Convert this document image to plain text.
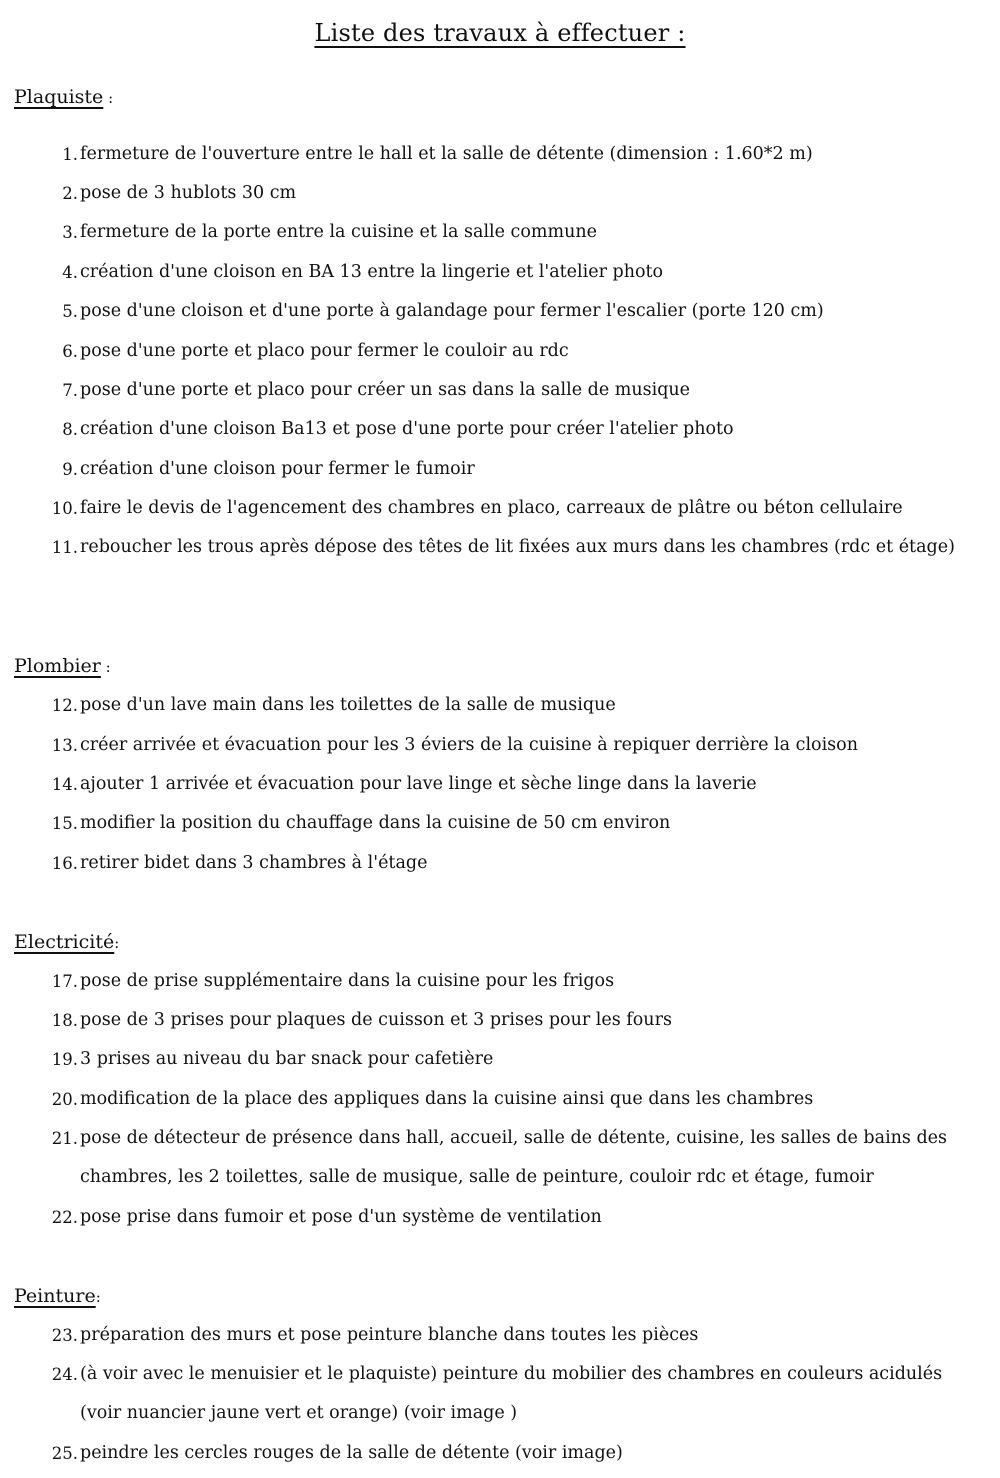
Liste des travaux à effectuer :
Plaquiste :
1. fermeture de l'ouverture entre le hall et la salle de détente (dimension : 1.60*2 m)
2. pose de 3 hublots 30 cm
3. fermeture de la porte entre la cuisine et la salle commune
4. création d'une cloison en BA 13 entre la lingerie et l'atelier photo
5. pose d'une cloison et d'une porte à galandage pour fermer l'escalier (porte 120 cm)
6. pose d'une porte et placo pour fermer le couloir au rdc
7. pose d'une porte et placo pour créer un sas dans la salle de musique
8. création d'une cloison Ba13 et pose d'une porte pour créer l'atelier photo
9. création d'une cloison pour fermer le fumoir
10. faire le devis de l'agencement des chambres en placo, carreaux de plâtre ou béton cellulaire
11. reboucher les trous après dépose des têtes de lit fixées aux murs dans les chambres (rdc et étage)
Plombier :
12. pose d'un lave main dans les toilettes de la salle de musique
13. créer arrivée et évacuation pour les 3 éviers de la cuisine à repiquer derrière la cloison
14. ajouter 1 arrivée et évacuation pour lave linge et sèche linge dans la laverie
15. modifier la position du chauffage dans la cuisine de 50 cm environ
16. retirer bidet dans 3 chambres à l'étage
Electricité:
17. pose de prise supplémentaire dans la cuisine pour les frigos
18. pose de 3 prises pour plaques de cuisson et 3 prises pour les fours
19. 3 prises au niveau du bar snack pour cafetière
20. modification de la place des appliques dans la cuisine ainsi que dans les chambres
21. pose de détecteur de présence dans hall, accueil, salle de détente, cuisine, les salles de bains des chambres, les 2 toilettes, salle de musique, salle de peinture, couloir rdc et étage, fumoir
22. pose prise dans fumoir et pose d'un système de ventilation
Peinture:
23. préparation des murs et pose peinture blanche dans toutes les pièces
24. (à voir avec le menuisier et le plaquiste) peinture du mobilier des chambres en couleurs acidulés (voir nuancier jaune vert et orange) (voir image )
25. peindre les cercles rouges de la salle de détente (voir image)
